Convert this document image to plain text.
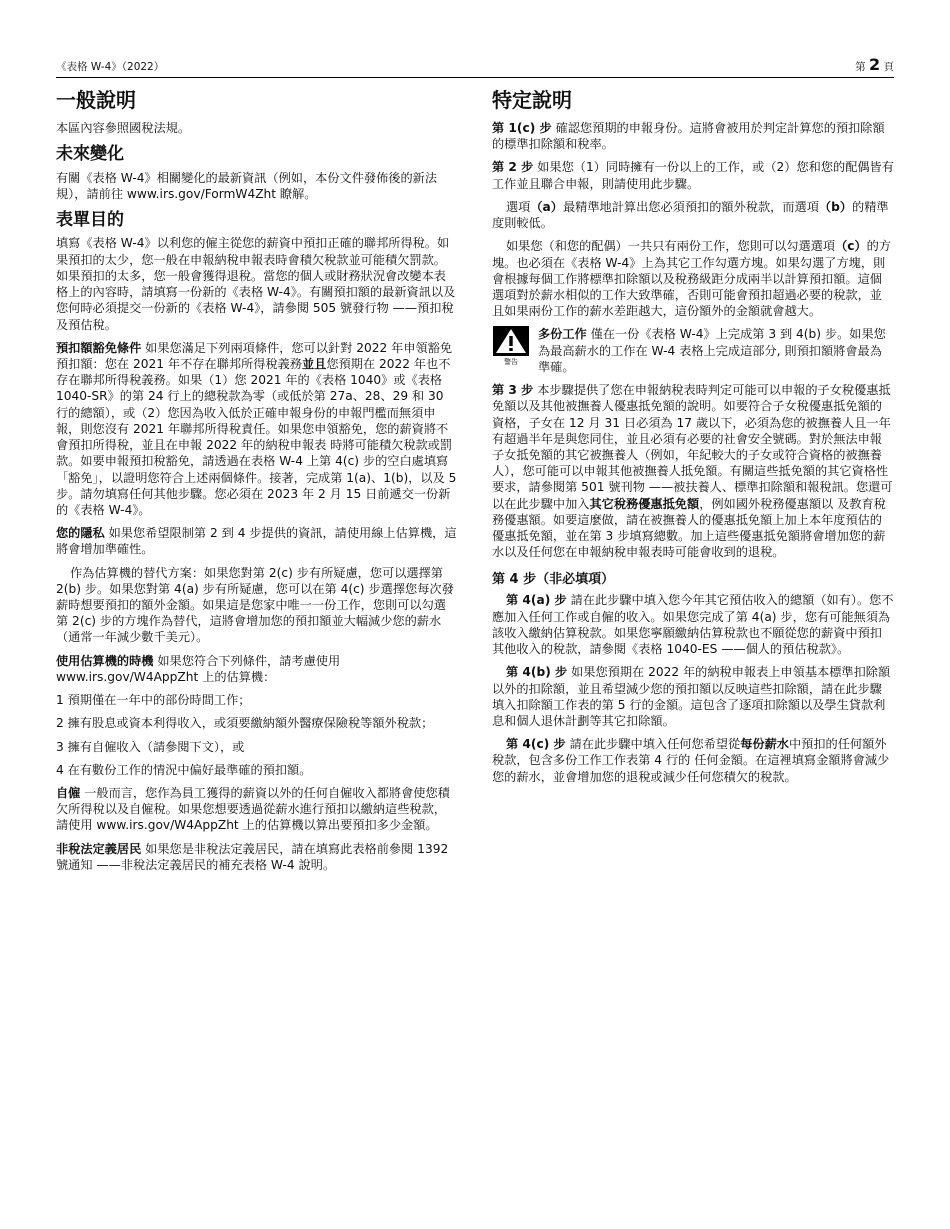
《表格 W-4》（2022）	第 2 頁
一般說明

本區內容參照國稅法規。

未來變化

有關《表格 W-4》相關變化的最新資訊（例如，本份文件發佈後的新法規），請前往 www.irs.gov/FormW4Zht 瞭解。

表單目的

填寫《表格 W-4》以利您的僱主從您的薪資中預扣正確的聯邦所得稅。如果預扣的太少，您一般在申報納稅申報表時會積欠稅款並可能積欠罰款。如果預扣的太多，您一般會獲得退稅。當您的個人或財務狀況會改變本表格上的內容時，請填寫一份新的《表格 W-4》。有關預扣額的最新資訊以及您何時必須提交一份新的《表格 W-4》，請參閱 505 號發行物 ——預扣稅及預估稅。

預扣額豁免條件 如果您滿足下列兩項條件，您可以針對 2022 年申領豁免預扣額：您在 2021 年不存在聯邦所得稅義務並且您預期在 2022 年也不存在聯邦所得稅義務。如果（1）您 2021 年的《表格 1040》或《表格 1040-SR》的第 24 行上的總稅款為零（或低於第 27a、28、29 和 30 行的總額），或（2）您因為收入低於正確申報身份的申報門檻而無須申報，則您沒有 2021 年聯邦所得稅責任。如果您申領豁免，您的薪資將不會預扣所得稅，並且在申報 2022 年的納稅申報表 時將可能積欠稅款或罰款。如要申報預扣稅豁免，請透過在表格 W-4 上第 4(c) 步的空白處填寫「豁免」，以證明您符合上述兩個條件。接著，完成第 1(a)、1(b)，以及 5 步。請勿填寫任何其他步驟。您必須在 2023 年 2 月 15 日前遞交一份新的《表格 W-4》。

您的隱私 如果您希望限制第 2 到 4 步提供的資訊，請使用線上估算機，這將會增加準確性。

作為估算機的替代方案：如果您對第 2(c) 步有所疑慮，您可以選擇第 2(b) 步。如果您對第 4(a) 步有所疑慮，您可以在第 4(c) 步選擇您每次發薪時想要預扣的額外金額。如果這是您家中唯一一份工作，您則可以勾選第 2(c) 步的方塊作為替代，這將會增加您的預扣額並大幅減少您的薪水（通常一年減少數千美元）。

使用估算機的時機 如果您符合下列條件，請考慮使用 www.irs.gov/W4AppZht 上的估算機：

1 預期僅在一年中的部份時間工作；

2 擁有股息或資本利得收入，或須要繳納額外醫療保險稅等額外稅款；

3 擁有自僱收入（請參閱下文），或

4 在有數份工作的情況中偏好最準確的預扣額。

自僱 一般而言，您作為員工獲得的薪資以外的任何自僱收入都將會使您積欠所得稅以及自僱稅。如果您想要透過從薪水進行預扣以繳納這些稅款，請使用 www.irs.gov/W4AppZht 上的估算機以算出要預扣多少金額。

非稅法定義居民 如果您是非稅法定義居民，請在填寫此表格前參閱 1392 號通知 ——非稅法定義居民的補充表格 W-4 說明。

特定說明

第 1(c) 步 確認您預期的申報身份。這將會被用於判定計算您的預扣除額的標準扣除額和稅率。

第 2 步 如果您（1）同時擁有一份以上的工作，或（2）您和您的配偶皆有工作並且聯合申報，則請使用此步驟。

選項（a）最精準地計算出您必須預扣的額外稅款，而選項（b）的精準度則較低。

如果您（和您的配偶）一共只有兩份工作，您則可以勾選選項（c）的方塊。也必須在《表格 W-4》上為其它工作勾選方塊。如果勾選了方塊，則會根據每個工作將標準扣除額以及稅務級距分成兩半以計算預扣額。這個選項對於薪水相似的工作大致準確，否則可能會預扣超過必要的稅款，並且如果兩份工作的薪水差距越大，這份額外的金額就會越大。

警告

多份工作 僅在一份《表格 W-4》上完成第 3 到 4(b) 步。如果您為最高薪水的工作在 W-4 表格上完成這部分, 則預扣額將會最為準確。

第 3 步 本步驟提供了您在申報納稅表時判定可能可以申報的子女稅優惠抵免額以及其他被撫養人優惠抵免額的說明。如要符合子女稅優惠抵免額的資格，子女在 12 月 31 日必須為 17 歲以下，必須為您的被撫養人且一年有超過半年是與您同住，並且必須有必要的社會安全號碼。對於無法申報子女抵免額的其它被撫養人（例如，年紀較大的子女或符合資格的被撫養人），您可能可以申報其他被撫養人抵免額。有關這些抵免額的其它資格性要求，請參閱第 501 號刊物 ——被扶養人、標準扣除額和報稅訊。您還可以在此步驟中加入其它稅務優惠抵免額，例如國外稅務優惠額以 及教育稅務優惠額。如要這麼做，請在被撫養人的優惠抵免額上加上本年度預估的優惠抵免額，並在第 3 步填寫總數。加上這些優惠抵免額將會增加您的薪水以及任何您在申報納稅申報表時可能會收到的退稅。

第 4 步（非必填項）

第 4(a) 步 請在此步驟中填入您今年其它預估收入的總額（如有）。您不應加入任何工作或自僱的收入。如果您完成了第 4(a) 步，您有可能無須為該收入繳納估算稅款。如果您寧願繳納估算稅款也不願從您的薪資中預扣其他收入的稅款，請參閱《表格 1040-ES ——個人的預估稅款》。

第 4(b) 步 如果您預期在 2022 年的納稅申報表上申領基本標準扣除額以外的扣除額，並且希望減少您的預扣額以反映這些扣除額，請在此步驟填入扣除額工作表的第 5 行的金額。這包含了逐項扣除額以及學生貸款利息和個人退休計劃等其它扣除額。

第 4(c) 步 請在此步驟中填入任何您希望從每份薪水中預扣的任何額外稅款，包含多份工作工作表第 4 行的 任何金額。在這裡填寫金額將會減少您的薪水，並會增加您的退稅或減少任何您積欠的稅款。
